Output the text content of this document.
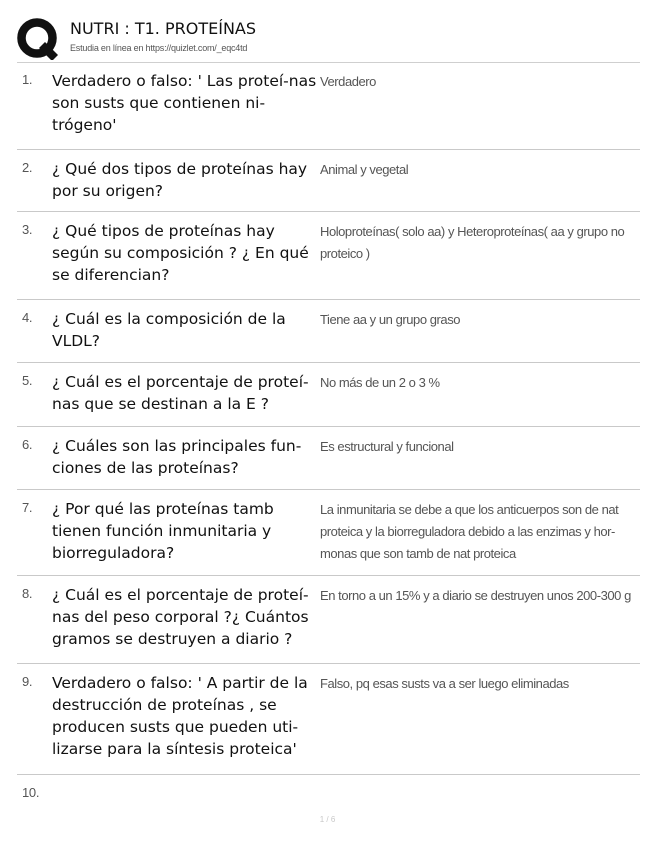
NUTRI : T1. PROTEÍNAS
Estudia en línea en https://quizlet.com/_eqc4td
1. Verdadero o falso: ' Las proteí-nas son susts que contienen ni-trógeno'
Verdadero
2. ¿ Qué dos tipos de proteínas hay por su origen?
Animal y vegetal
3. ¿ Qué tipos de proteínas hay según su composición ? ¿ En qué se diferencian?
Holoproteínas( solo aa) y Heteroproteínas( aa y grupo no proteico )
4. ¿ Cuál es la composición de la VLDL?
Tiene aa y un grupo graso
5. ¿ Cuál es el porcentaje de proteí-nas que se destinan a la E ?
No más de un 2 o 3 %
6. ¿ Cuáles son las principales fun-ciones de las proteínas?
Es estructural y funcional
7. ¿ Por qué las proteínas tamb tienen función inmunitaria y biorreguladora?
La inmunitaria se debe a que los anticuerpos son de nat proteica y la biorreguladora debido a las enzimas y hor-monas que son tamb de nat proteica
8. ¿ Cuál es el porcentaje de proteí-nas del peso corporal ?¿ Cuántos gramos se destruyen a diario ?
En torno a un 15% y a diario se destruyen unos 200-300 g
9. Verdadero o falso: ' A partir de la destrucción de proteínas , se producen susts que pueden uti-lizarse para la síntesis proteica'
Falso, pq esas susts va a ser luego eliminadas
10.
1 / 6
